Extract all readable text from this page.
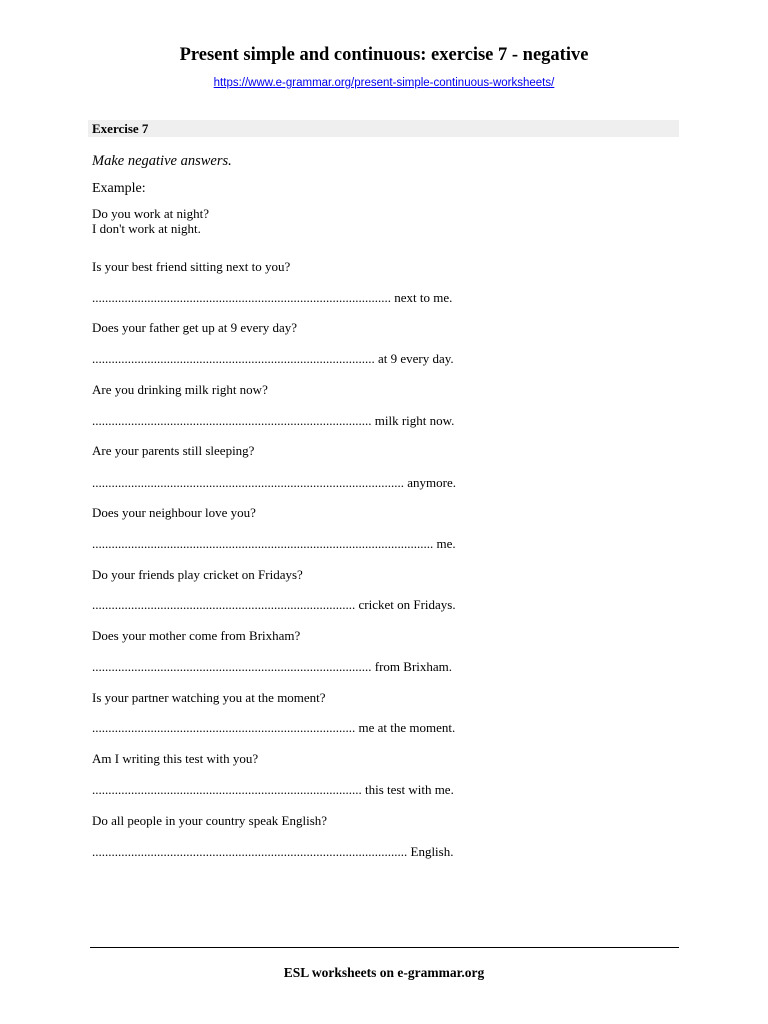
Present simple and continuous: exercise 7 - negative
https://www.e-grammar.org/present-simple-continuous-worksheets/
Exercise 7
Make negative answers.
Example:
Do you work at night?
I don't work at night.
Is your best friend sitting next to you?
............................................................................................ next to me.
Does your father get up at 9 every day?
....................................................................................... at 9 every day.
Are you drinking milk right now?
...................................................................................... milk right now.
Are your parents still sleeping?
................................................................................................ anymore.
Does your neighbour love you?
......................................................................................................... me.
Do your friends play cricket on Fridays?
................................................................................. cricket on Fridays.
Does your mother come from Brixham?
...................................................................................... from Brixham.
Is your partner watching you at the moment?
................................................................................. me at the moment.
Am I writing this test with you?
................................................................................... this test with me.
Do all people in your country speak English?
................................................................................................. English.
ESL worksheets on e-grammar.org
